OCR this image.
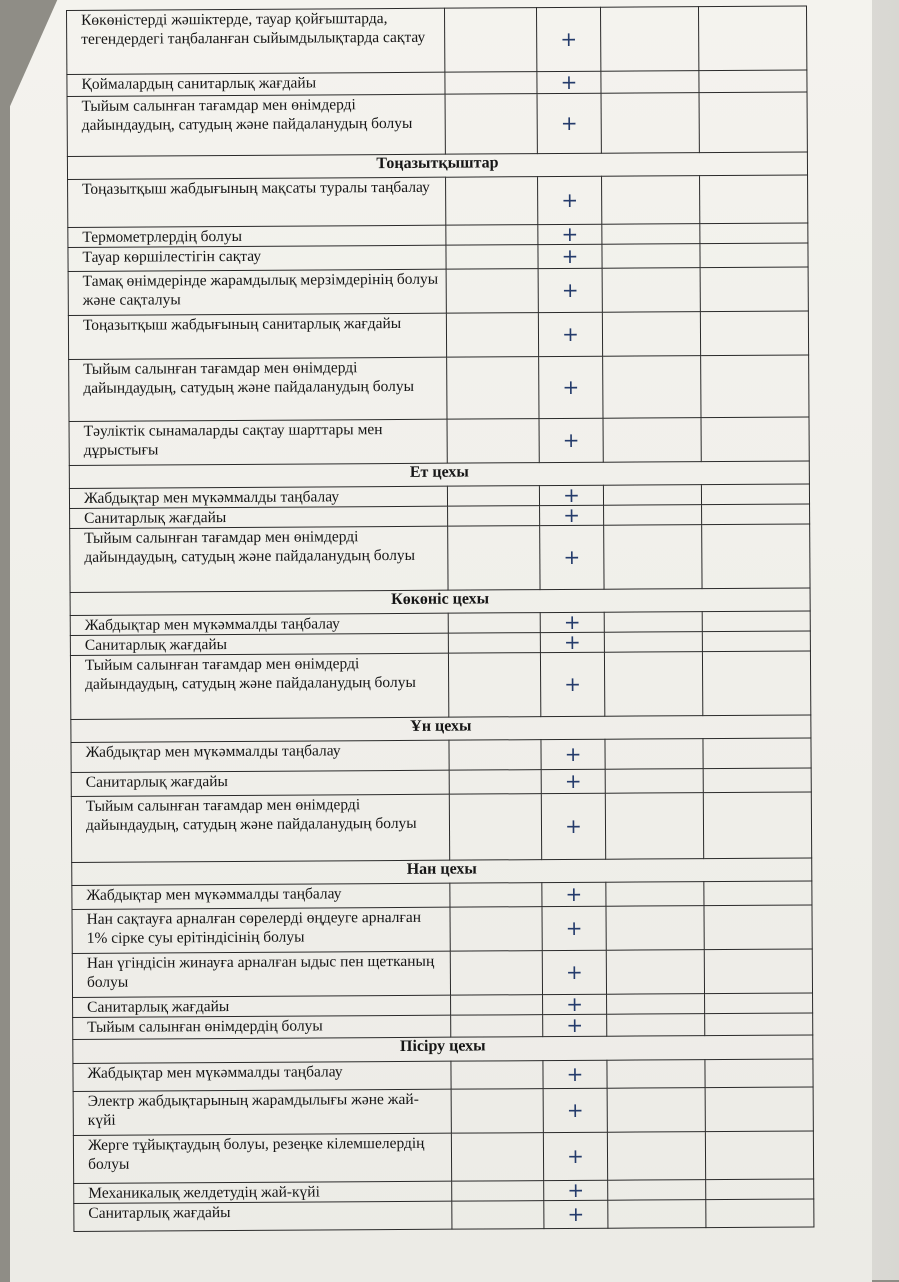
Көкөністерді жәшіктерде, тауар қойғыштарда, тегендердегі таңбаланған сыйымдылықтарда сақтау		+		
Қоймалардың санитарлық жағдайы		+		
Тыйым салынған тағамдар мен өнімдерді дайындаудың, сатудың және пайдаланудың болуы		+		
Тоңазытқыштар				
Тоңазытқыш жабдығының мақсаты туралы таңбалау		+		
Термометрлердің болуы		+		
Тауар көршілестігін сақтау		+		
Тамақ өнімдерінде жарамдылық мерзімдерінің болуы және сақталуы		+		
Тоңазытқыш жабдығының санитарлық жағдайы		+		
Тыйым салынған тағамдар мен өнімдерді дайындаудың, сатудың және пайдаланудың болуы		+		
Тәуліктік сынамаларды сақтау шарттары мен дұрыстығы		+		
Ет цехы				
Жабдықтар мен мүкәммалды таңбалау		+		
Санитарлық жағдайы		+		
Тыйым салынған тағамдар мен өнімдерді дайындаудың, сатудың және пайдаланудың болуы		+		
Көкөніс цехы				
Жабдықтар мен мүкәммалды таңбалау		+		
Санитарлық жағдайы		+		
Тыйым салынған тағамдар мен өнімдерді дайындаудың, сатудың және пайдаланудың болуы		+		
Ұн цехы				
Жабдықтар мен мүкәммалды таңбалау		+		
Санитарлық жағдайы		+		
Тыйым салынған тағамдар мен өнімдерді дайындаудың, сатудың және пайдаланудың болуы		+		
Нан цехы				
Жабдықтар мен мүкәммалды таңбалау		+		
Нан сақтауға арналған сөрелерді өңдеуге арналған 1% сірке суы ерітіндісінің болуы		+		
Нан үгіндісін жинауға арналған ыдыс пен щетканың болуы		+		
Санитарлық жағдайы		+		
Тыйым салынған өнімдердің болуы		+		
Пісіру цехы				
Жабдықтар мен мүкәммалды таңбалау		+		
Электр жабдықтарының жарамдылығы және жай-күйі		+		
Жерге тұйықтаудың болуы, резеңке кілемшелердің болуы		+		
Механикалық желдетудің жай-күйі		+		
Санитарлық жағдайы		+		
